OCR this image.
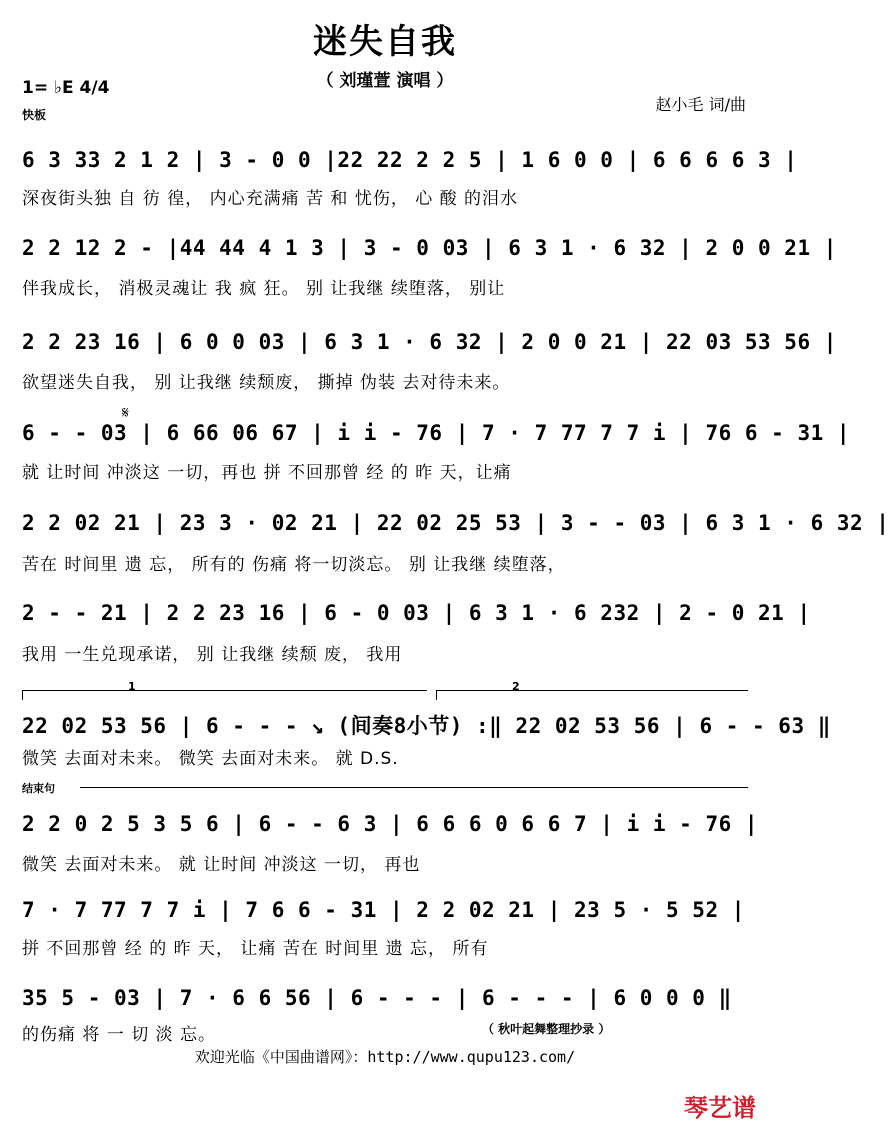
迷失自我
（ 刘瑾萱 演唱 ）
1= ♭E 4/4
快板
赵小毛 词/曲
𝄋
6 3 33 2 1 2 | 3 - 0 0 |22 22 2 2 5 | 1 6 0 0 | 6 6 6 6 3 |
深夜街头独 自 彷 徨， 内心充满痛 苦 和 忧伤， 心 酸 的泪水
2 2 12 2 - |44 44 4 1 3 | 3 - 0 03 | 6 3 1 · 6 32 | 2 0 0 21 |
伴我成长， 消极灵魂让 我 疯 狂。 别 让我继 续堕落， 别让
2 2 23 16 | 6 0 0 03 | 6 3 1 · 6 32 | 2 0 0 21 | 22 03 53 56 |
欲望迷失自我， 别 让我继 续颓废， 撕掉 伪装 去对待未来。
6 - - 03 | 6 66 06 67 | i i - 76 | 7 · 7 77 7 7 i | 76 6 - 31 |
就 让时间 冲淡这 一切，再也 拼 不回那曾 经 的 昨 天，让痛
2 2 02 21 | 23 3 · 02 21 | 22 02 25 53 | 3 - - 03 | 6 3 1 · 6 32 |
苦在 时间里 遗 忘， 所有的 伤痛 将一切淡忘。 别 让我继 续堕落，
2 - - 21 | 2 2 23 16 | 6 - 0 03 | 6 3 1 · 6 232 | 2 - 0 21 |
我用 一生兑现承诺， 别 让我继 续颓 废， 我用
1	2
22 02 53 56 | 6 - - - ↘ (间奏8小节) :‖ 22 02 53 56 | 6 - - 63 ‖
微笑 去面对未来。 微笑 去面对未来。 就 D.S.
结束句
2 2 0 2 5 3 5 6 | 6 - - 6 3 | 6 6 6 0 6 6 7 | i i - 76 |
微笑 去面对未来。 就 让时间 冲淡这 一切， 再也
7 · 7 77 7 7 i | 7 6 6 - 31 | 2 2 02 21 | 23 5 · 5 52 |
拼 不回那曾 经 的 昨 天， 让痛 苦在 时间里 遗 忘， 所有
35 5 - 03 | 7 · 6 6 56 | 6 - - - | 6 - - - | 6 0 0 0 ‖
的伤痛 将 一 切 淡 忘。	（ 秋叶起舞整理抄录 ）
欢迎光临《中国曲谱网》：http://www.qupu123.com/
琴艺谱
